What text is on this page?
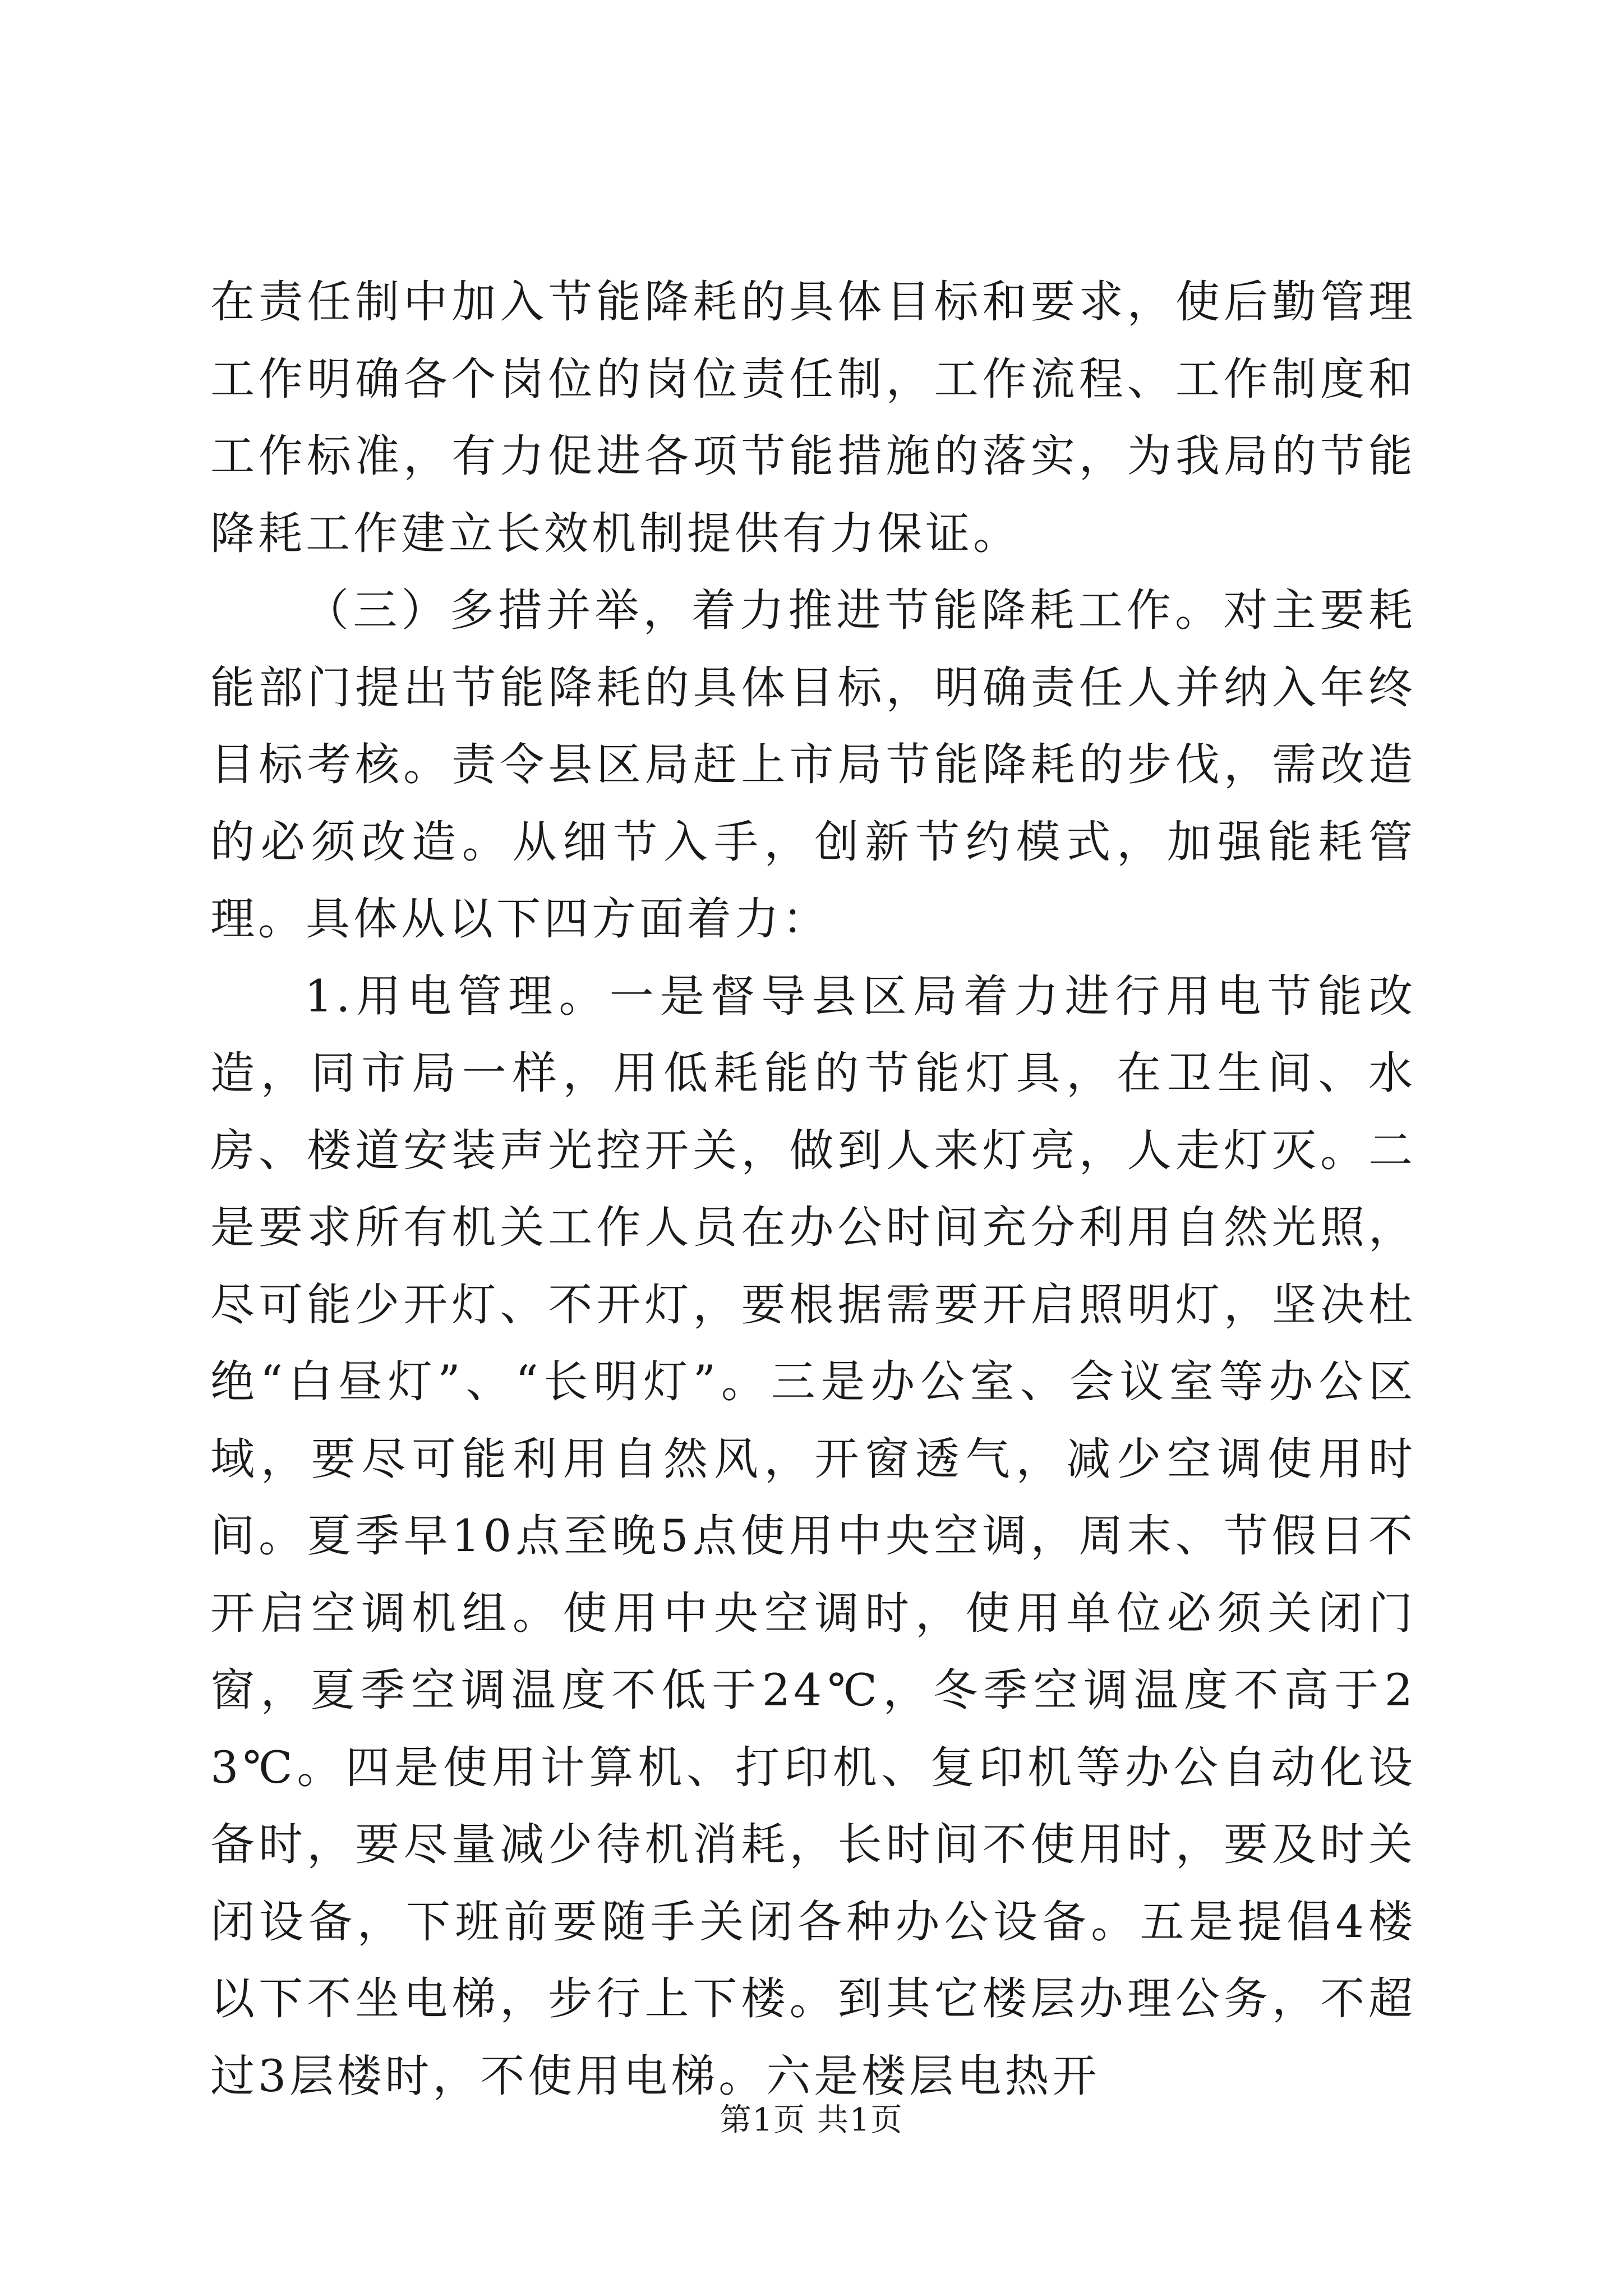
在责任制中加入节能降耗的具体目标和要求，使后勤管理工作明确各个岗位的岗位责任制，工作流程、工作制度和工作标准，有力促进各项节能措施的落实，为我局的节能降耗工作建立长效机制提供有力保证。

（三）多措并举，着力推进节能降耗工作。对主要耗能部门提出节能降耗的具体目标，明确责任人并纳入年终目标考核。责令县区局赶上市局节能降耗的步伐，需改造的必须改造。从细节入手，创新节约模式，加强能耗管理。具体从以下四方面着力：

1.用电管理。一是督导县区局着力进行用电节能改造，同市局一样，用低耗能的节能灯具，在卫生间、水房、楼道安装声光控开关，做到人来灯亮，人走灯灭。二是要求所有机关工作人员在办公时间充分利用自然光照，尽可能少开灯、不开灯，要根据需要开启照明灯，坚决杜绝“白昼灯”、“长明灯”。三是办公室、会议室等办公区域，要尽可能利用自然风，开窗透气，减少空调使用时间。夏季早10点至晚5点使用中央空调，周末、节假日不开启空调机组。使用中央空调时，使用单位必须关闭门窗，夏季空调温度不低于24℃，冬季空调温度不高于23℃。四是使用计算机、打印机、复印机等办公自动化设备时，要尽量减少待机消耗，长时间不使用时，要及时关闭设备，下班前要随手关闭各种办公设备。五是提倡4楼以下不坐电梯，步行上下楼。到其它楼层办理公务，不超过3层楼时，不使用电梯。六是楼层电热开

第1页 共1页
